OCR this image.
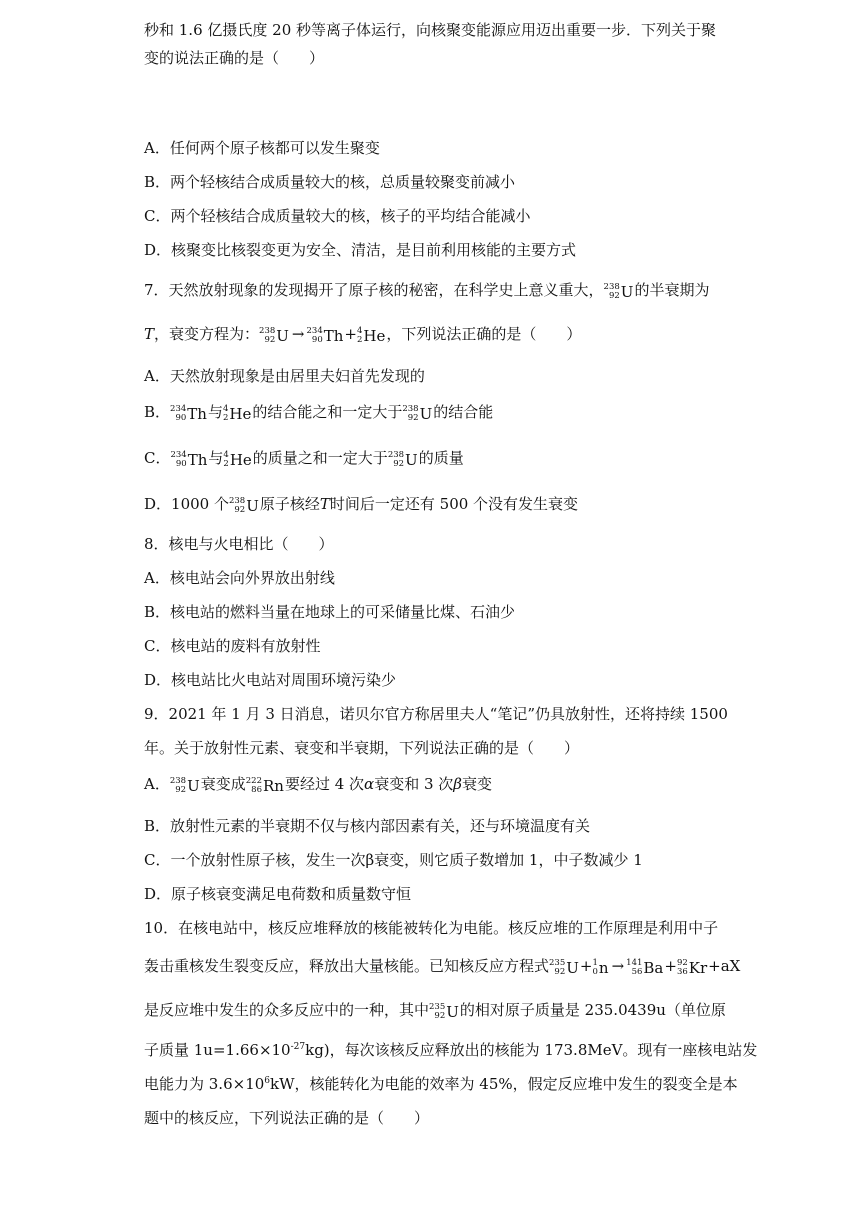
秒和 1.6 亿摄氏度 20 秒等离子体运行，向核聚变能源应用迈出重要一步．下列关于聚
变的说法正确的是（　　）
A．任何两个原子核都可以发生聚变
B．两个轻核结合成质量较大的核，总质量较聚变前减小
C．两个轻核结合成质量较大的核，核子的平均结合能减小
D．核聚变比核裂变更为安全、清洁，是目前利用核能的主要方式
7．天然放射现象的发现揭开了原子核的秘密，在科学史上意义重大， 238
92 U的半衰期为
T，衰变方程为： 238
92 U → 234
90 Th+ 4
2 He，下列说法正确的是（　　）
A．天然放射现象是由居里夫妇首先发现的
B． 234
90 Th与 4
2 He的结合能之和一定大于 238
92 U的结合能
C． 234
90 Th与 4
2 He的质量之和一定大于 238
92 U的质量
D．1000 个 238
92 U原子核经T时间后一定还有 500 个没有发生衰变
8．核电与火电相比（　　）
A．核电站会向外界放出射线
B．核电站的燃料当量在地球上的可采储量比煤、石油少
C．核电站的废料有放射性
D．核电站比火电站对周围环境污染少
9．2021 年 1 月 3 日消息，诺贝尔官方称居里夫人“笔记”仍具放射性，还将持续 1500
年。关于放射性元素、衰变和半衰期，下列说法正确的是（　　）
A． 238
92 U衰变成 222
86 Rn要经过 4 次α衰变和 3 次β衰变
B．放射性元素的半衰期不仅与核内部因素有关，还与环境温度有关
C．一个放射性原子核，发生一次β衰变，则它质子数增加 1，中子数减少 1
D．原子核衰变满足电荷数和质量数守恒
10．在核电站中，核反应堆释放的核能被转化为电能。核反应堆的工作原理是利用中子
轰击重核发生裂变反应，释放出大量核能。已知核反应方程式 235
92 U+ 1
0 n → 141
56 Ba+ 92
36 Kr+aX
是反应堆中发生的众多反应中的一种，其中 235
92 U的相对原子质量是 235.0439u（单位原
子质量 $1u=1.66\times 10^{-27}kg$)，每次该核反应释放出的核能为 173.8MeV。现有一座核电站发
电能力为 $3.6\times 10^6kW$，核能转化为电能的效率为 45%，假定反应堆中发生的裂变全是本
题中的核反应，下列说法正确的是（　　）
